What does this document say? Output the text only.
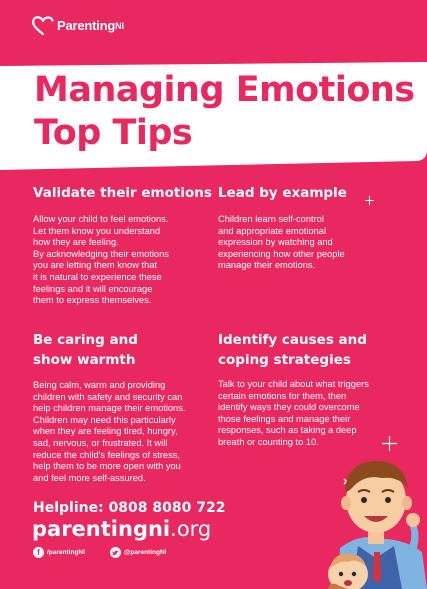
ParentingNI
Managing Emotions
Top Tips
Validate their emotions
Allow your child to feel emotions.
Let them know you understand
how they are feeling.
By acknowledging their emotions
you are letting them know that
it is natural to experience these
feelings and it will encourage
them to express themselves.
Lead by example
Children learn self-control
and appropriate emotional
expression by watching and
experiencing how other people
manage their emotions.
Be caring and
show warmth
Being calm, warm and providing
children with safety and security can
help children manage their emotions.
Children may need this particularly
when they are feeling tired, hungry,
sad, nervous, or frustrated. It will
reduce the child's feelings of stress,
help them to be more open with you
and feel more self-assured.
Identify causes and
coping strategies
Talk to your child about what triggers
certain emotions for them, then
identify ways they could overcome
those feelings and manage their
responses, such as taking a deep
breath or counting to 10.
Helpline: 0808 8080 722
parentingni.org
f	/parentingNI	@parentingNI
